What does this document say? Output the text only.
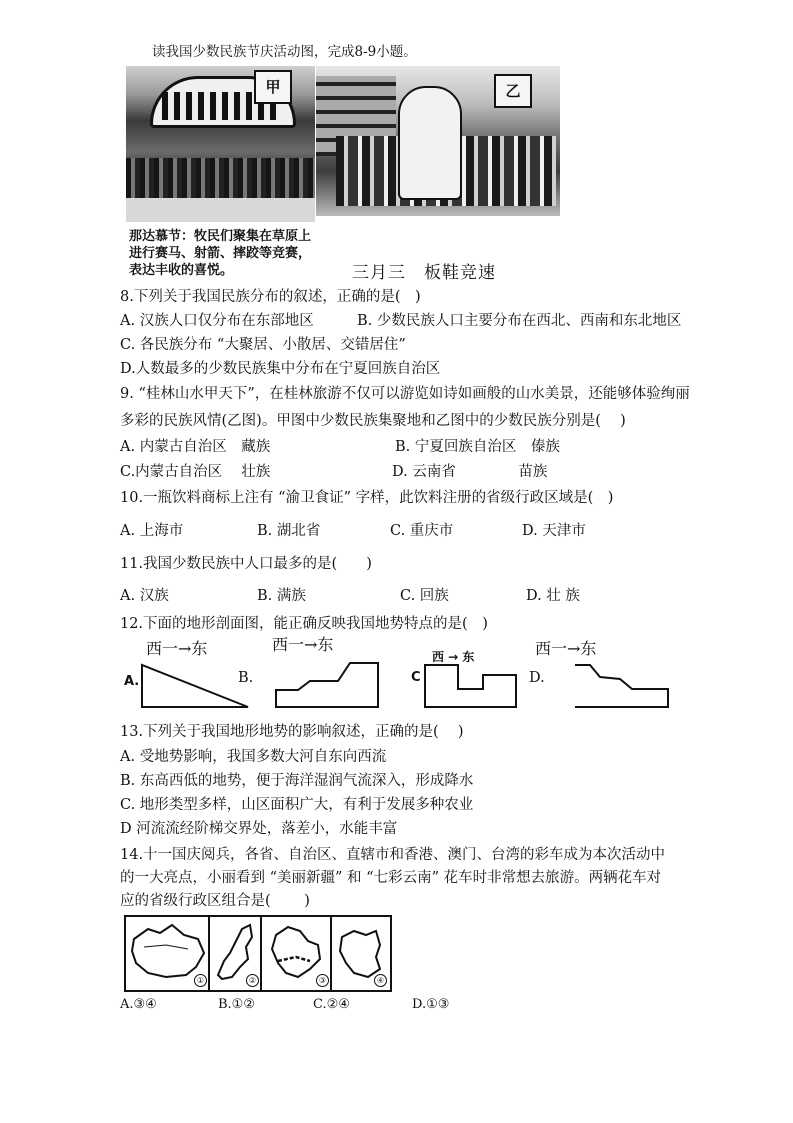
读我国少数民族节庆活动图，完成8-9小题。
甲	乙
那达慕节：牧民们聚集在草原上进行赛马、射箭、摔跤等竞赛，表达丰收的喜悦。	三月三　板鞋竞速
8.下列关于我国民族分布的叙述，正确的是(　)
A. 汉族人口仅分布在东部地区	B. 少数民族人口主要分布在西北、西南和东北地区
C. 各民族分布 “大聚居、小散居、交错居住”
D.人数最多的少数民族集中分布在宁夏回族自治区
9. “桂林山水甲天下”，在桂林旅游不仅可以游览如诗如画般的山水美景，还能够体验绚丽
多彩的民族风情(乙图)。甲图中少数民族集聚地和乙图中的少数民族分别是(　 )
A. 内蒙古自治区　藏族	B. 宁夏回族自治区　傣族
C.内蒙古自治区　 壮族	D. 云南省　　　　 苗族
10.一瓶饮料商标上注有 “渝卫食证” 字样，此饮料注册的省级行政区域是(　)
A. 上海市	B. 湖北省	C. 重庆市	D. 天津市
11.我国少数民族中人口最多的是(　　)
A. 汉族	B. 满族	C. 回族	D. 壮 族
12.下面的地形剖面图，能正确反映我国地势特点的是(　)
西一→东	西一→东
西 → 东	西一→东
A.	B.	C	D.
13.下列关于我国地形地势的影响叙述，正确的是(　 )
A. 受地势影响，我国多数大河自东向西流
B. 东高西低的地势，便于海洋湿润气流深入，形成降水
C. 地形类型多样，山区面积广大，有利于发展多种农业
D 河流流经阶梯交界处，落差小，水能丰富
14.十一国庆阅兵，各省、自治区、直辖市和香港、澳门、台湾的彩车成为本次活动中
的一大亮点，小丽看到 “美丽新疆” 和 “七彩云南” 花车时非常想去旅游。两辆花车对
应的省级行政区组合是(　 　)
①	②	③	④
A.③④	B.①②	C.②④	D.①③
